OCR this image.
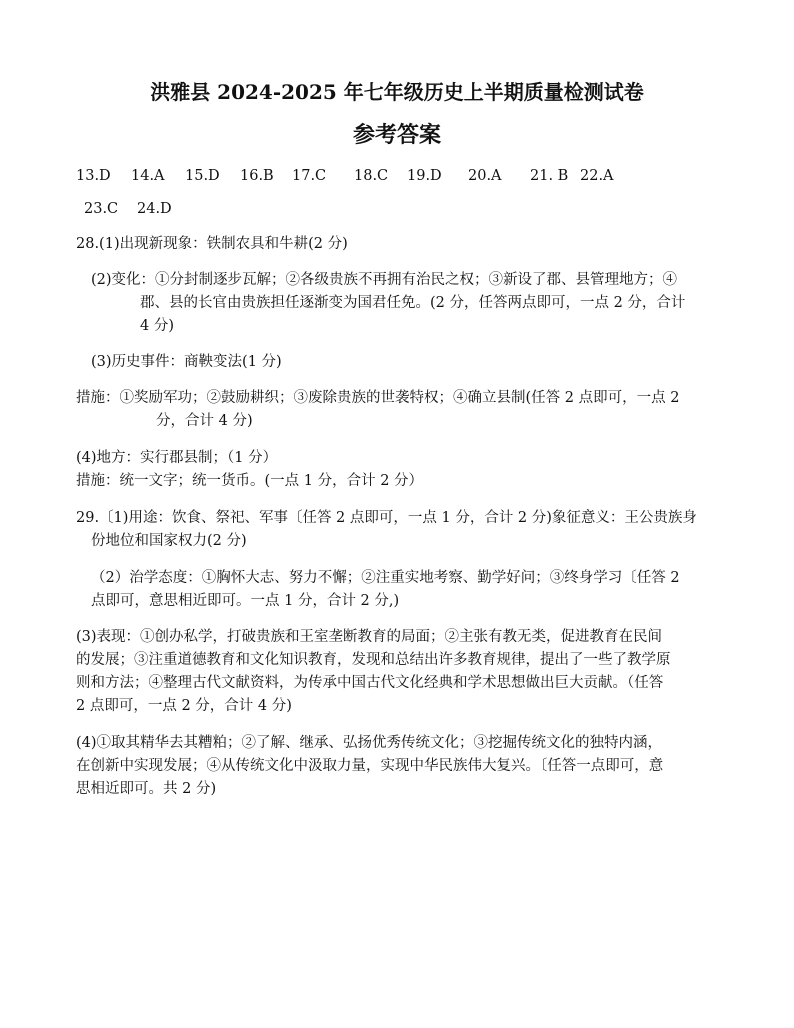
洪雅县 2024-2025 年七年级历史上半期质量检测试卷
参考答案
13.D 14.A 15.D 16.B 17.C 18.C 19.D 20.A 21. B 22.A
23.C 24.D
28.(1)出现新现象：铁制农具和牛耕(2 分)
(2)变化：①分封制逐步瓦解；②各级贵族不再拥有治民之权；③新设了郡、县管理地方；④
郡、县的长官由贵族担任逐渐变为国君任免。(2 分，任答两点即可，一点 2 分，合计
4 分)
(3)历史事件：商鞅变法(1 分)
措施：①奖励军功；②鼓励耕织；③废除贵族的世袭特权；④确立县制(任答 2 点即可，一点 2
分，合计 4 分)
(4)地方：实行郡县制；（1 分）
措施：统一文字；统一货币。(一点 1 分，合计 2 分）
29.〔1)用途：饮食、祭祀、军事〔任答 2 点即可，一点 1 分，合计 2 分)象征意义：王公贵族身
份地位和国家权力(2 分)
（2）治学态度：①胸怀大志、努力不懈；②注重实地考察、勤学好问；③终身学习〔任答 2
点即可，意思相近即可。一点 1 分，合计 2 分,)
(3)表现：①创办私学，打破贵族和王室垄断教育的局面；②主张有教无类，促进教育在民间
的发展；③注重道德教育和文化知识教育，发现和总结出许多教育规律，提出了一些了教学原
则和方法；④整理古代文献资料，为传承中国古代文化经典和学术思想做出巨大贡献。（任答
2 点即可，一点 2 分，合计 4 分)
(4)①取其精华去其糟粕；②了解、继承、弘扬优秀传统文化；③挖掘传统文化的独特内涵，
在创新中实现发展；④从传统文化中汲取力量，实现中华民族伟大复兴。〔任答一点即可，意
思相近即可。共 2 分)
